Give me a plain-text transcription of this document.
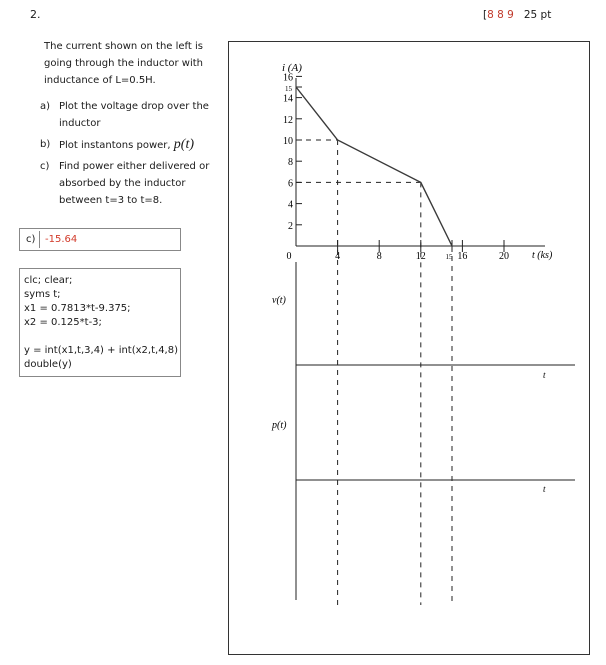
2.	[8 8 9 25 pt
The current shown on the left is going through the inductor with inductance of L=0.5H.
a) Plot the voltage drop over the inductor
b) Plot instantons power, p(t)
c) Find power either delivered or absorbed by the inductor between t=3 to t=8.
c) -15.64
clc; clear;
syms t;
x1 = 0.7813*t-9.375;
x2 = 0.125*t-3;
y = int(x1,t,3,4) + int(x2,t,4,8)
double(y)
2
4
6
8
10
12
14
15
16
0	4	8	12	15 16	20
i (A)
t (ks)
v(t)
p(t)
t
t
